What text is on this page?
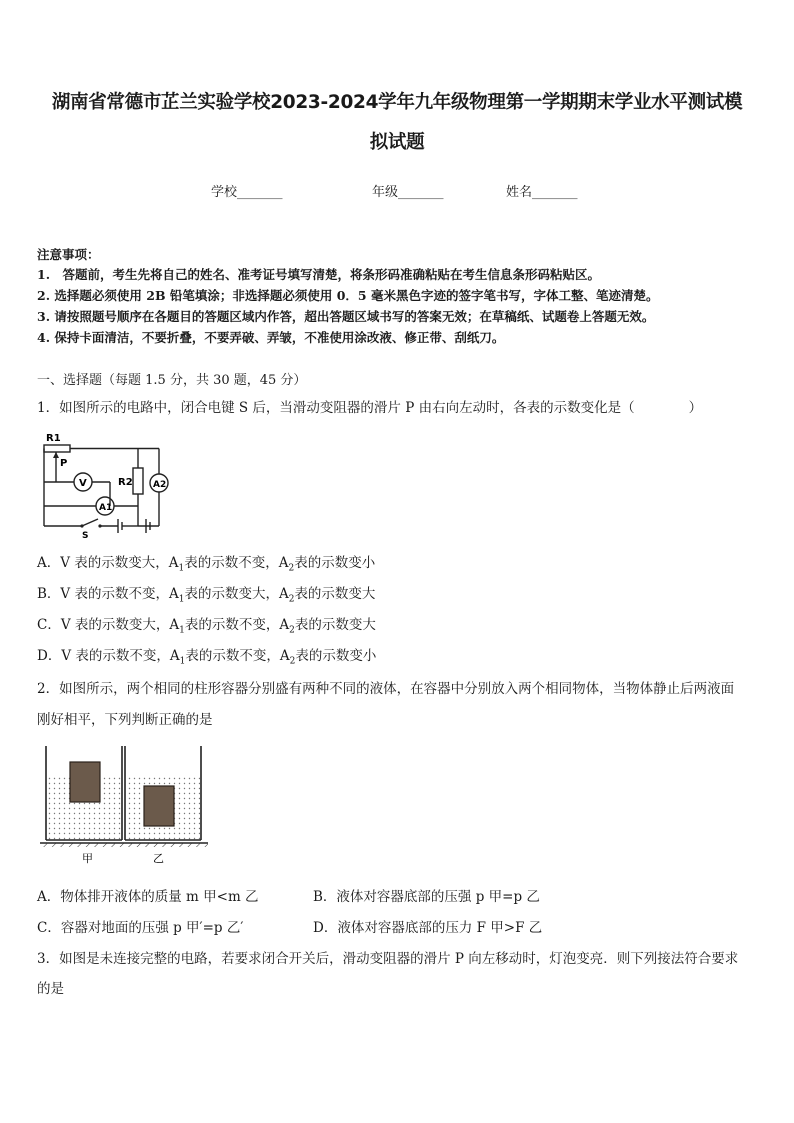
湖南省常德市芷兰实验学校2023-2024学年九年级物理第一学期期末学业水平测试模
拟试题
学校_______	年级_______	姓名_______
注意事项：
1.　答题前，考生先将自己的姓名、准考证号填写清楚，将条形码准确粘贴在考生信息条形码粘贴区。
2. 选择题必须使用 2B 铅笔填涂；非选择题必须使用 0．5 毫米黑色字迹的签字笔书写，字体工整、笔迹清楚。
3. 请按照题号顺序在各题目的答题区域内作答，超出答题区域书写的答案无效；在草稿纸、试题卷上答题无效。
4. 保持卡面清洁，不要折叠，不要弄破、弄皱，不准使用涂改液、修正带、刮纸刀。
一、选择题（每题 1.5 分，共 30 题，45 分）
1．如图所示的电路中，闭合电键 S 后，当滑动变阻器的滑片 P 由右向左动时，各表的示数变化是（　　　　）
R1
P
V	R2
A1
A2
S
A．V 表的示数变大，$A_1$表的示数不变，$A_2$表的示数变小
B．V 表的示数不变，$A_1$表的示数变大，$A_2$表的示数变大
C．V 表的示数变大，$A_1$表的示数不变，$A_2$表的示数变大
D．V 表的示数不变，$A_1$表的示数不变，$A_2$表的示数变小
2．如图所示，两个相同的柱形容器分别盛有两种不同的液体，在容器中分别放入两个相同物体，当物体静止后两液面
刚好相平，下列判断正确的是
甲	乙
A．物体排开液体的质量 m 甲<m 乙	B．液体对容器底部的压强 p 甲=p 乙
C．容器对地面的压强 p 甲′=p 乙′	D．液体对容器底部的压力 F 甲>F 乙
3．如图是未连接完整的电路，若要求闭合开关后，滑动变阻器的滑片 P 向左移动时，灯泡变亮．则下列接法符合要求
的是
